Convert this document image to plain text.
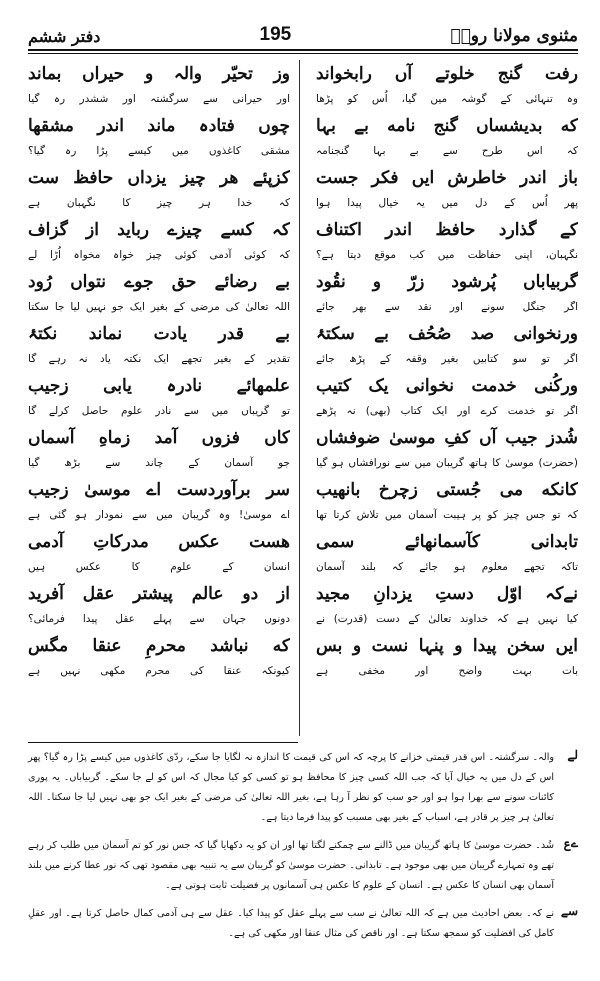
مثنوی مولانا رومؒ
195
دفتر ششم
رفت گنج خلوتے آں رابخواند
وہ تنہائی کے گوشہ میں گیا، اُس کو پڑھا
که بدیشساں گنج نامه بے بہا
کہ اس طرح سے بے بہا گنجنامہ
باز اندر خاطرش ایں فکر جست
پھر اُس کے دل میں یہ خیال پیدا ہوا
کے گذارد حافظ اندر اکتناف
نگہبان، اپنی حفاظت میں کب موقع دیتا ہے؟
گربیاباں پُرشود زرّ و نقُود
اگر جنگل سونے اور نقد سے بھر جائے
ورنخوانی صد صُحُف بے سکتۂ
اگر تو سو کتابیں بغیر وقفہ کے پڑھ جائے
ورکُنی خدمت نخوانی یک کتیب
اگر تو خدمت کرے اور ایک کتاب (بھی) نہ پڑھے
شُدز جیب آں کفِ موسیٰ ضوفشاں
(حضرت) موسیٰ کا ہاتھ گریبان میں سے نورافشاں ہو گیا
کانکه می جُستی زچرخ بانهیب
کہ تو جس چیز کو پر ہیبت آسمان میں تلاش کرتا تھا
تابدانی کآسمانهائے سمی
تاکہ تجھے معلوم ہو جائے کہ بلند آسمان
نےکہ اوّل دستِ یزدانِ مجید
کیا نہیں ہے کہ خداوند تعالیٰ کے دست (قدرت) نے
ایں سخن پیدا و پنہا نست و بس
بات بہت واضح اور مخفی ہے
وز تحیّر والہ و حیراں بماند
اور حیرانی سے سرگشتہ اور ششدر رہ گیا
چوں فتادہ ماند اندر مشقها
مشقی کاغذوں میں کیسے پڑا رہ گیا؟
کزپئے هر چیز یزداں حافظ ست
کہ خدا ہر چیز کا نگہبان ہے
کہ کسے چیزے رباید از گزاف
کہ کوئی آدمی کوئی چیز خواہ مخواہ اُڑا لے
بے رضائے حق جوے نتواں رُود
اللہ تعالیٰ کی مرضی کے بغیر ایک جو نہیں لیا جا سکتا
بے قدر یادت نماند نکتۂ
تقدیر کے بغیر تجھے ایک نکتہ یاد نہ رہے گا
علمهائے نادرہ یابی زجیب
تو گریباں میں سے نادر علوم حاصل کرلے گا
کاں فزوں آمد زماهِ آسماں
جو آسمان کے چاند سے بڑھ گیا
سر برآوردست اے موسیٰ زجیب
اے موسیٰ! وہ گریبان میں سے نمودار ہو گئی ہے
هست عکس مدرکاتِ آدمی
انسان کے علوم کا عکس ہیں
از دو عالم پیشتر عقل آفرید
دونوں جہان سے پہلے عقل پیدا فرمائی؟
که نباشد محرمِ عنقا مگس
کیونکہ عنقا کی محرم مکھی نہیں ہے
لے
والہ۔ سرگشتہ۔ اس قدر قیمتی خزانے کا پرچہ کہ اس کی قیمت کا اندازہ نہ لگایا جا سکے، ردّی کاغذوں میں کیسے پڑا رہ گیا؟ پھر اس کے دل میں یہ خیال آیا کہ جب اللہ کسی چیز کا محافظ ہو تو کسی کو کیا مجال کہ اس کو لے جا سکے۔ گربیاباں۔ یہ پوری کائنات سونے سے بھرا ہوا ہو اور جو سب کو نظر آ رہا ہے، بغیر اللہ تعالیٰ کی مرضی کے بغیر ایک جو بھی نہیں لیا جا سکتا۔ اللہ تعالیٰ ہر چیز پر قادر ہے، اسباب کے بغیر بھی مسبب کو پیدا فرما دیتا ہے۔
ےع
شُد۔ حضرت موسیٰ کا ہاتھ گریبان میں ڈالنے سے چمکنے لگتا تھا اور ان کو یہ دکھایا گیا کہ جس نور کو تم آسمان میں طلب کر رہے تھے وہ تمہارے گریبان میں بھی موجود ہے۔ تابدانی۔ حضرت موسیٰ کو گریبان سے یہ تنبیہ بھی مقصود تھی کہ نور عطا کرنے میں بلند آسمان بھی انسان کا عکس ہے۔ انسان کے علوم کا عکس ہی آسمانوں پر فضیلت ثابت ہوتی ہے۔
سے
نے کہ۔ بعض احادیث میں ہے کہ اللہ تعالیٰ نے سب سے پہلے عقل کو پیدا کیا۔ عقل سے ہی آدمی کمال حاصل کرتا ہے۔ اور عقلِ کامل کی افضلیت کو سمجھ سکتا ہے۔ اور ناقص کی مثال عنقا اور مکھی کی ہے۔
